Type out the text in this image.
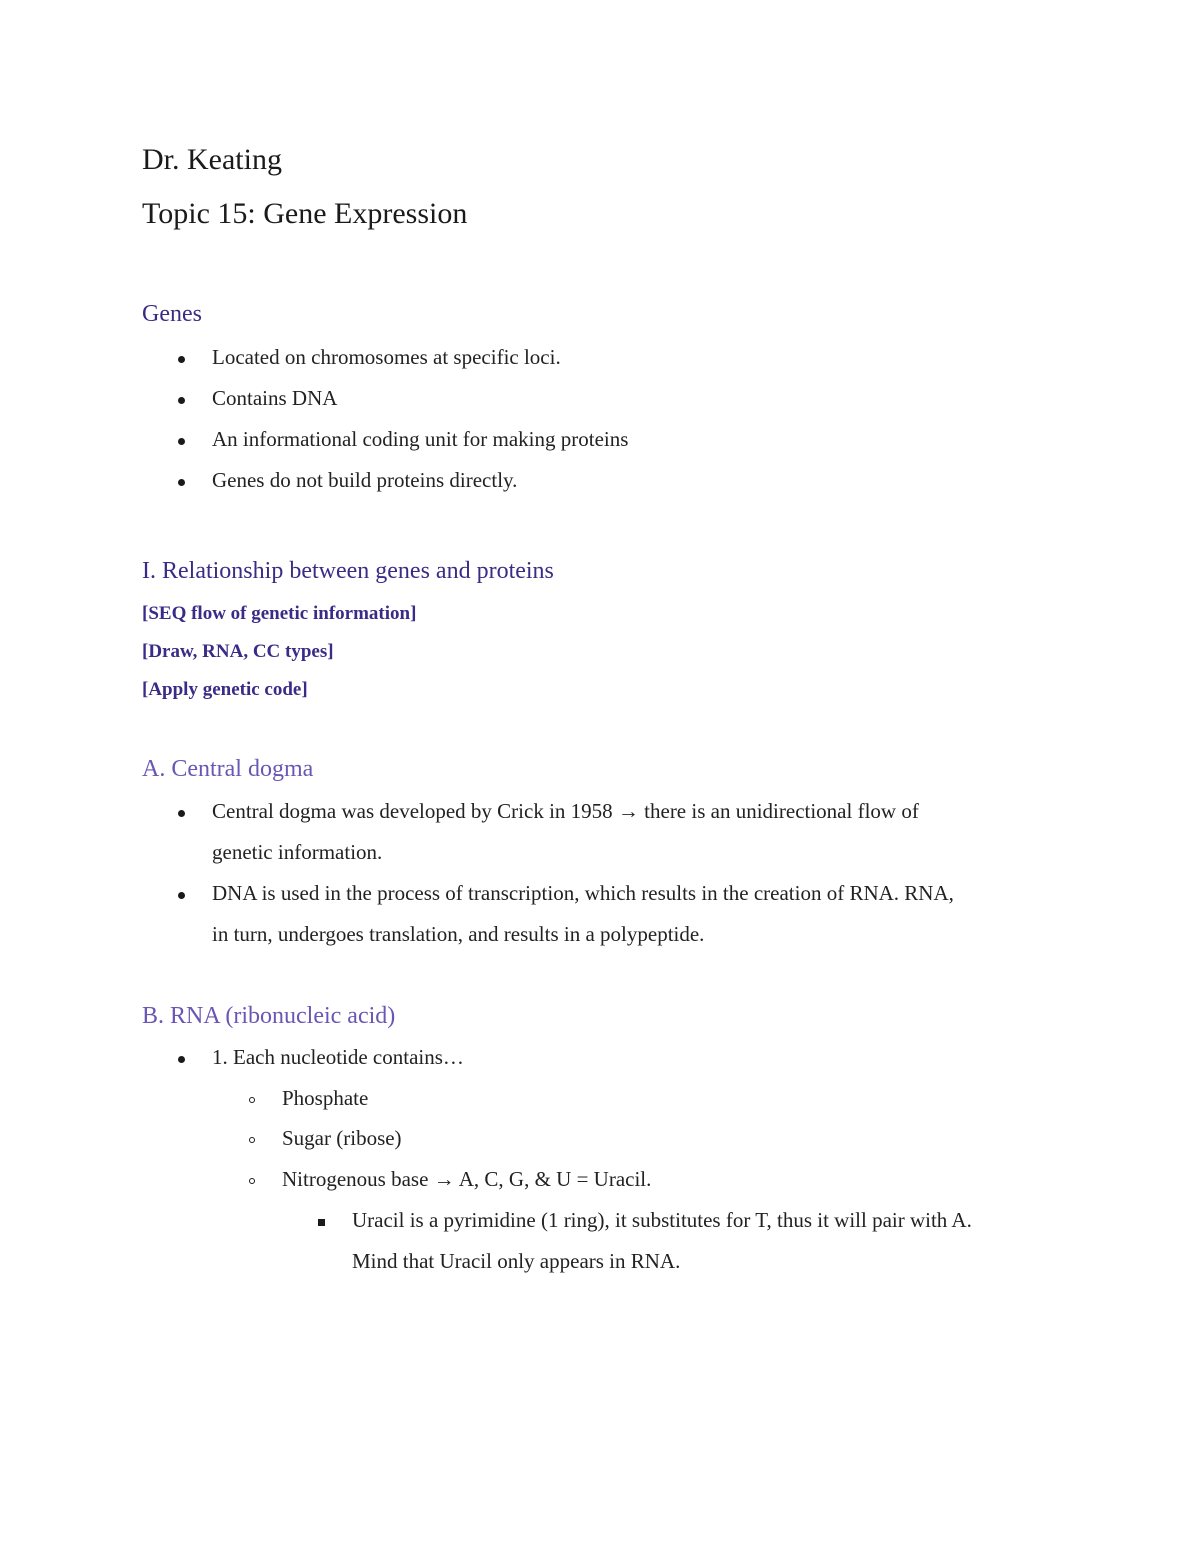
Dr. Keating
Topic 15: Gene Expression
Genes
Located on chromosomes at specific loci.
Contains DNA
An informational coding unit for making proteins
Genes do not build proteins directly.
I. Relationship between genes and proteins
[SEQ flow of genetic information]
[Draw, RNA, CC types]
[Apply genetic code]
A. Central dogma
Central dogma was developed by Crick in 1958 → there is an unidirectional flow of
genetic information.
DNA is used in the process of transcription, which results in the creation of RNA. RNA,
in turn, undergoes translation, and results in a polypeptide.
B. RNA (ribonucleic acid)
1. Each nucleotide contains…
Phosphate
Sugar (ribose)
Nitrogenous base → A, C, G, & U = Uracil.
Uracil is a pyrimidine (1 ring), it substitutes for T, thus it will pair with A.
Mind that Uracil only appears in RNA.
